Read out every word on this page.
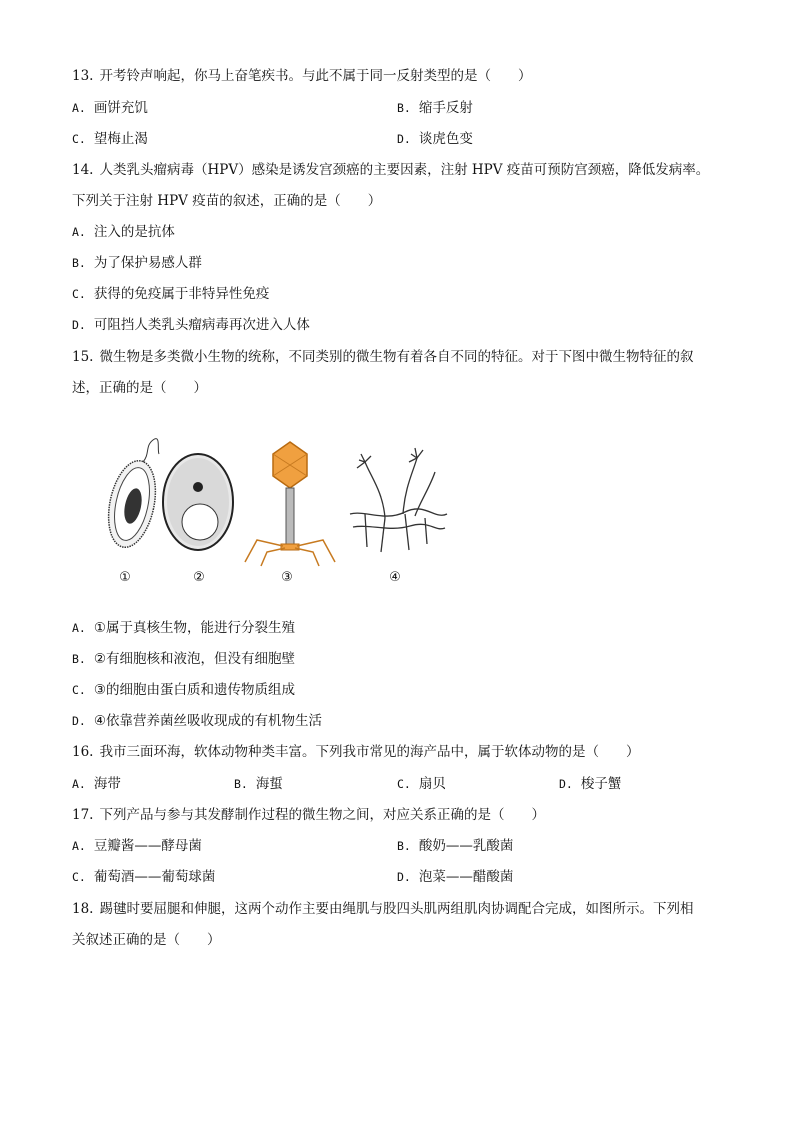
13. 开考铃声响起，你马上奋笔疾书。与此不属于同一反射类型的是（　　）
A. 画饼充饥	B. 缩手反射
C. 望梅止渴	D. 谈虎色变
14. 人类乳头瘤病毒（HPV）感染是诱发宫颈癌的主要因素，注射 HPV 疫苗可预防宫颈癌，降低发病率。
下列关于注射 HPV 疫苗的叙述，正确的是（　　）
A. 注入的是抗体
B. 为了保护易感人群
C. 获得的免疫属于非特异性免疫
D. 可阻挡人类乳头瘤病毒再次进入人体
15. 微生物是多类微小生物的统称，不同类别的微生物有着各自不同的特征。对于下图中微生物特征的叙
述，正确的是（　　）
①	②	③	④
A. ①属于真核生物，能进行分裂生殖
B. ②有细胞核和液泡，但没有细胞壁
C. ③的细胞由蛋白质和遗传物质组成
D. ④依靠营养菌丝吸收现成的有机物生活
16. 我市三面环海，软体动物种类丰富。下列我市常见的海产品中，属于软体动物的是（　　）
A. 海带	B. 海蜇	C. 扇贝	D. 梭子蟹
17. 下列产品与参与其发酵制作过程的微生物之间，对应关系正确的是（　　）
A. 豆瓣酱——酵母菌	B. 酸奶——乳酸菌
C. 葡萄酒——葡萄球菌	D. 泡菜——醋酸菌
18. 踢毽时要屈腿和伸腿，这两个动作主要由绳肌与股四头肌两组肌肉协调配合完成，如图所示。下列相
关叙述正确的是（　　）
